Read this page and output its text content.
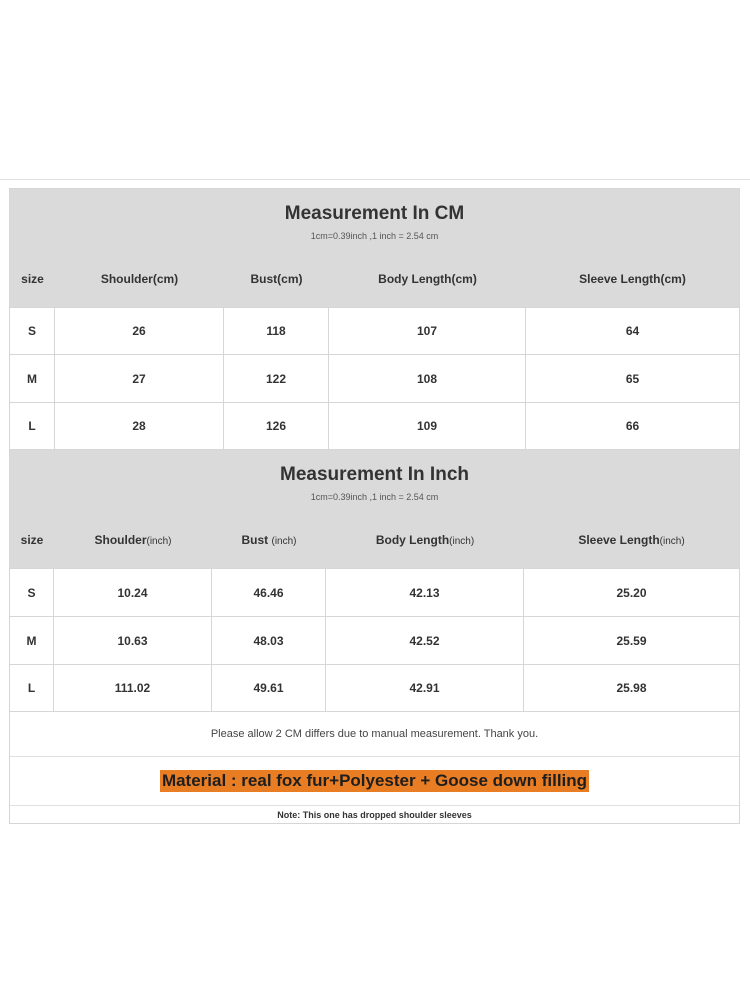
Measurement In CM
1cm=0.39inch ,1 inch = 2.54 cm
size	Shoulder(cm)	Bust(cm)	Body Length(cm)	Sleeve Length(cm)
S	26	118	107	64
M	27	122	108	65
L	28	126	109	66
Measurement In Inch
1cm=0.39inch ,1 inch = 2.54 cm
size	Shoulder(inch)	Bust (inch)	Body Length(inch)	Sleeve Length(inch)
S	10.24	46.46	42.13	25.20
M	10.63	48.03	42.52	25.59
L	111.02	49.61	42.91	25.98
Please allow 2 CM differs due to manual measurement. Thank you.
Material : real fox fur+Polyester + Goose down filling
Note: This one has dropped shoulder sleeves
